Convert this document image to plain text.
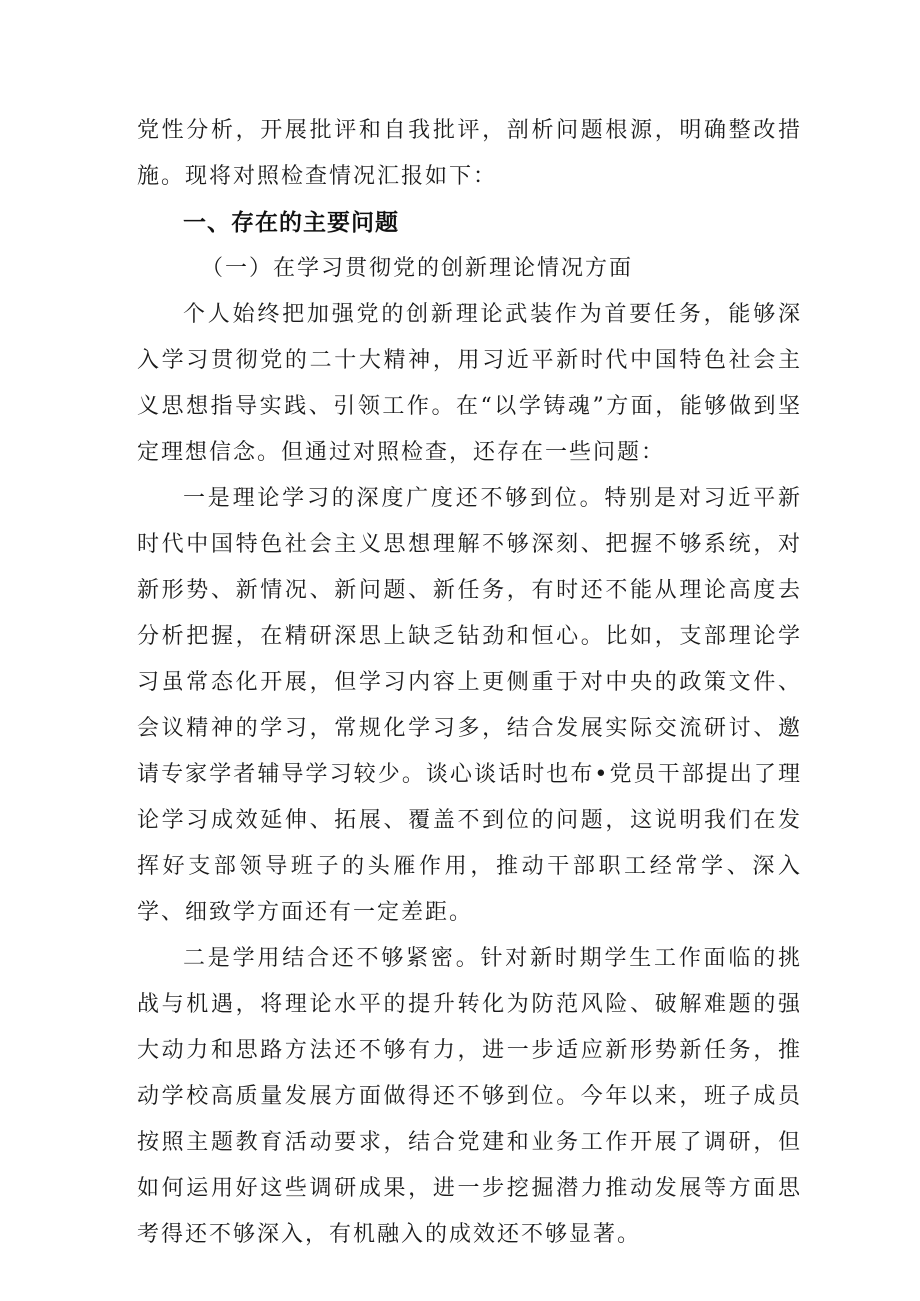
党性分析，开展批评和自我批评，剖析问题根源，明确整改措施。现将对照检查情况汇报如下：

一、存在的主要问题

（一）在学习贯彻党的创新理论情况方面

个人始终把加强党的创新理论武装作为首要任务，能够深入学习贯彻党的二十大精神，用习近平新时代中国特色社会主义思想指导实践、引领工作。在“以学铸魂”方面，能够做到坚定理想信念。但通过对照检查，还存在一些问题：

一是理论学习的深度广度还不够到位。特别是对习近平新时代中国特色社会主义思想理解不够深刻、把握不够系统，对新形势、新情况、新问题、新任务，有时还不能从理论高度去分析把握，在精研深思上缺乏钻劲和恒心。比如，支部理论学习虽常态化开展，但学习内容上更侧重于对中央的政策文件、会议精神的学习，常规化学习多，结合发展实际交流研讨、邀请专家学者辅导学习较少。谈心谈话时也布•党员干部提出了理论学习成效延伸、拓展、覆盖不到位的问题，这说明我们在发挥好支部领导班子的头雁作用，推动干部职工经常学、深入学、细致学方面还有一定差距。

二是学用结合还不够紧密。针对新时期学生工作面临的挑战与机遇，将理论水平的提升转化为防范风险、破解难题的强大动力和思路方法还不够有力，进一步适应新形势新任务，推动学校高质量发展方面做得还不够到位。今年以来，班子成员按照主题教育活动要求，结合党建和业务工作开展了调研，但如何运用好这些调研成果，进一步挖掘潜力推动发展等方面思考得还不够深入，有机融入的成效还不够显著。
